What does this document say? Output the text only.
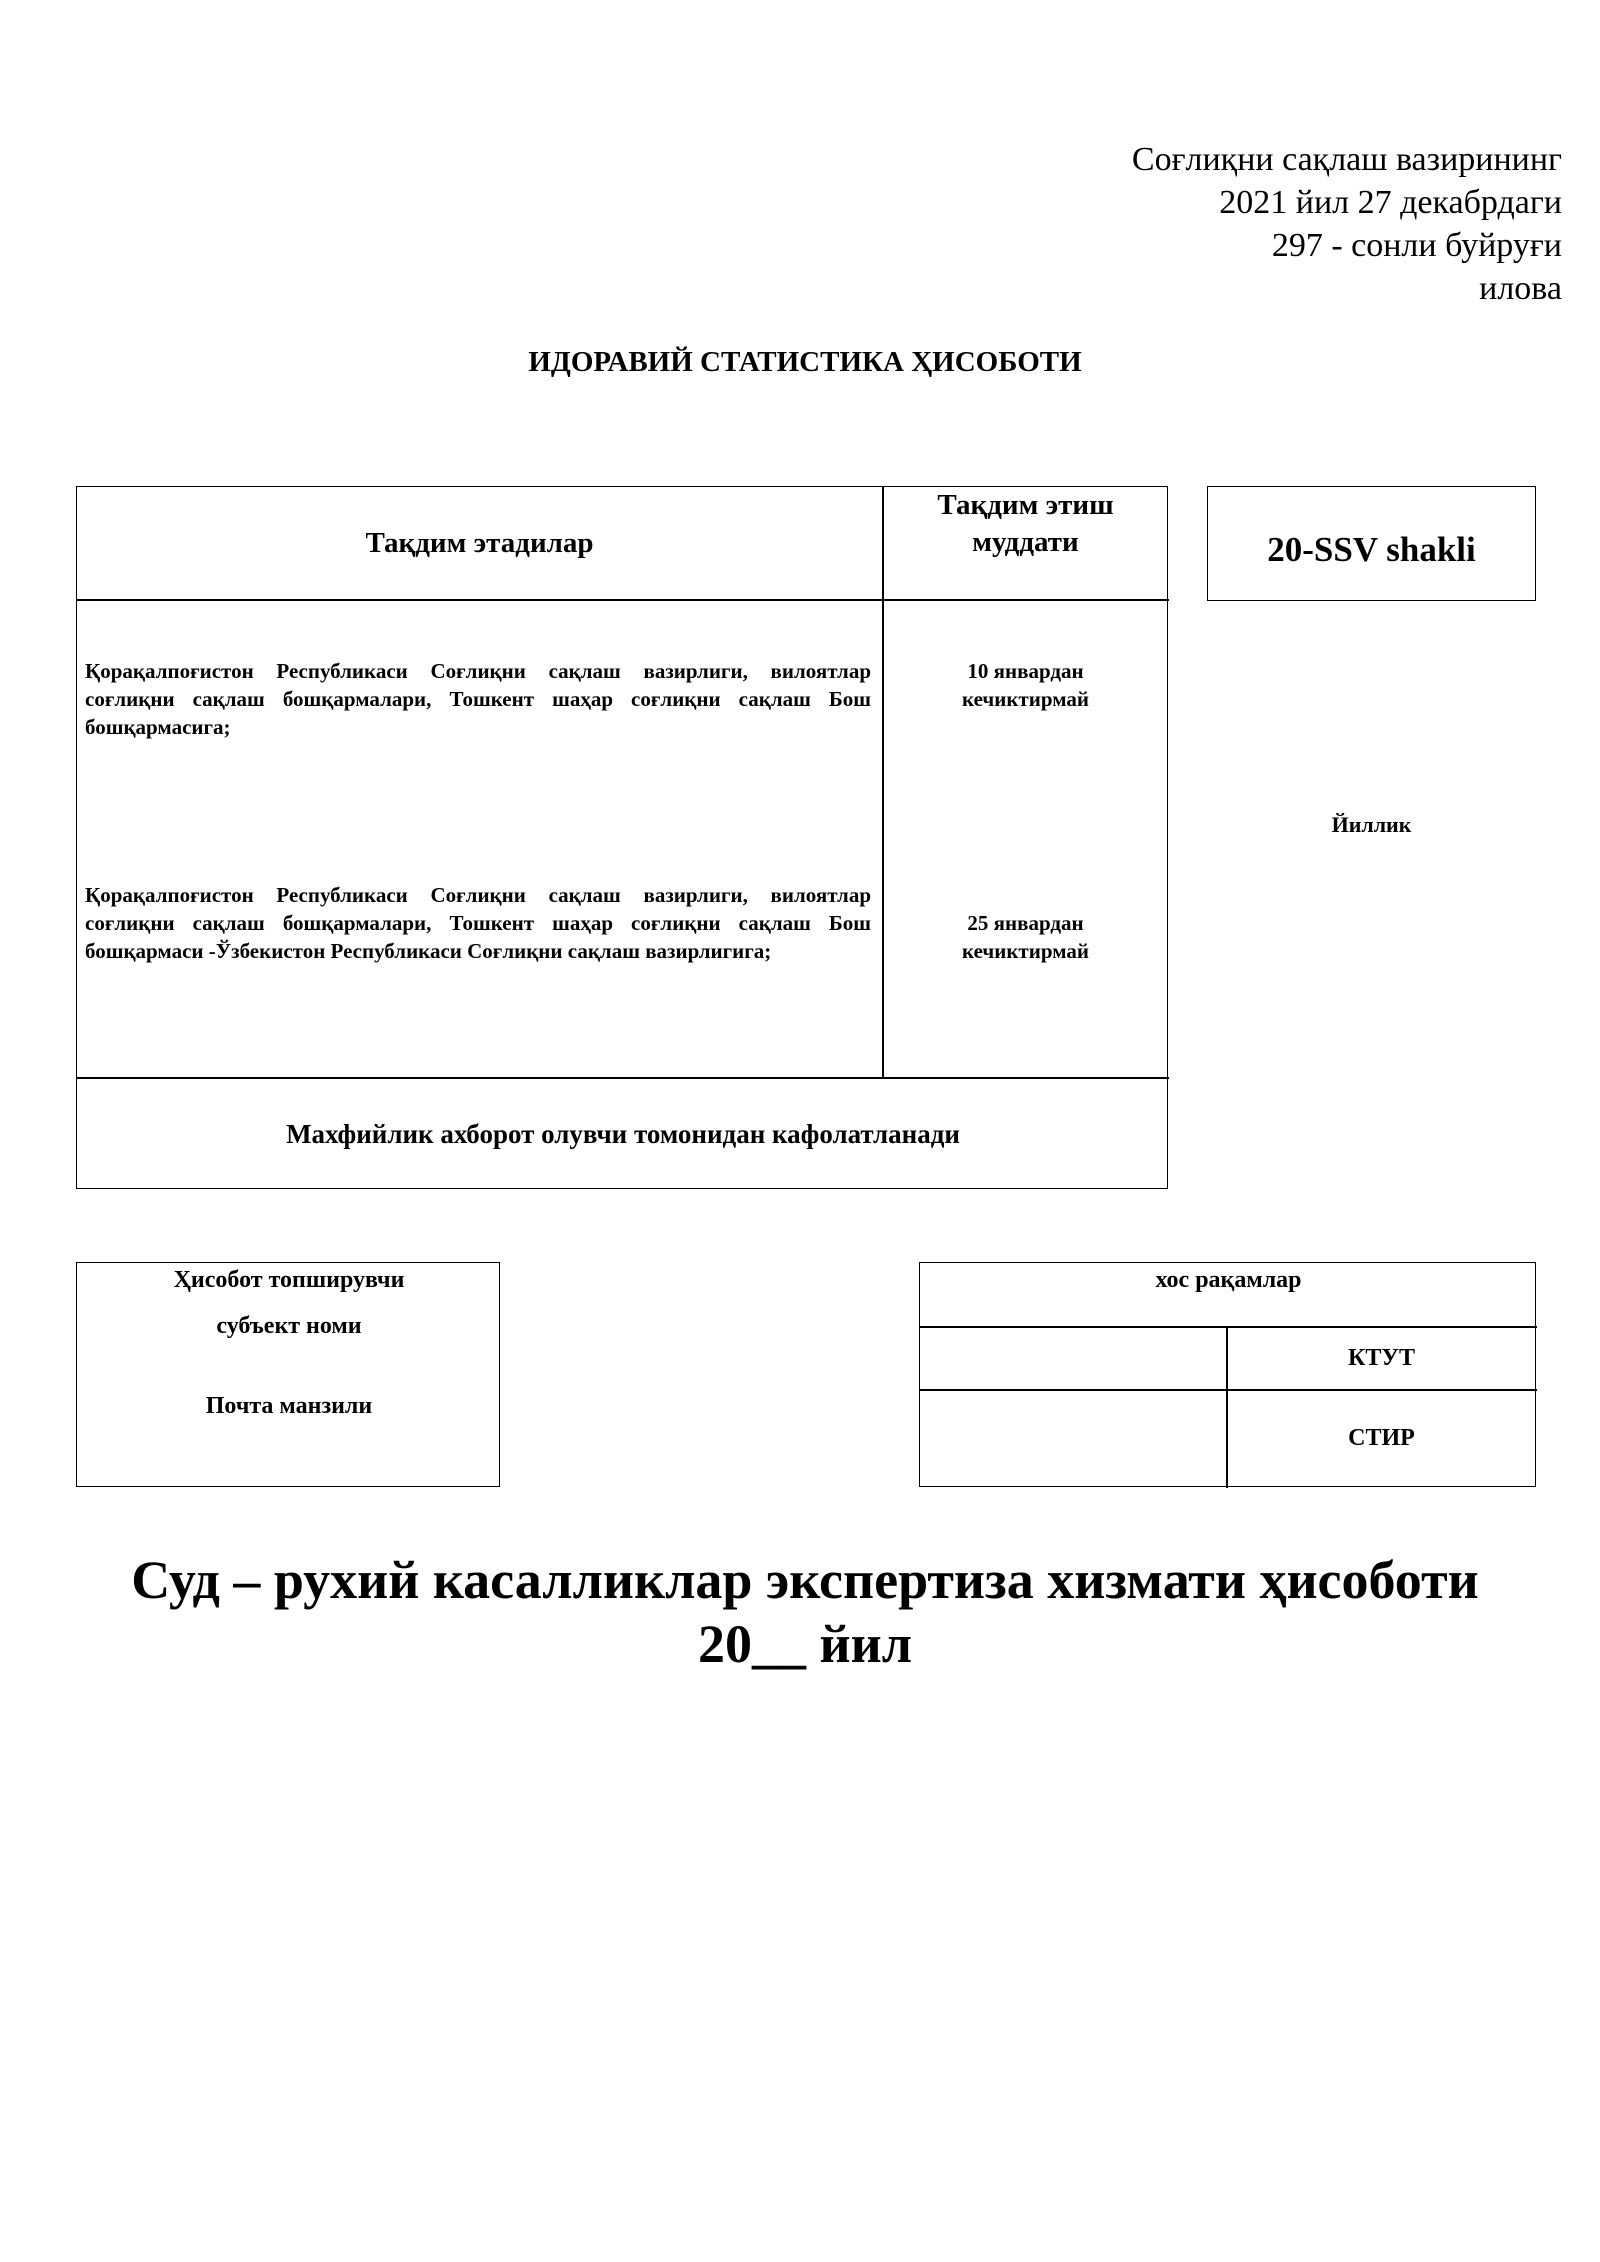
Соғлиқни сақлаш вазирининг
2021 йил 27 декабрдаги
297 - сонли буйруғи
илова
ИДОРАВИЙ СТАТИСТИКА ҲИСОБОТИ
Тақдим этадилар
Тақдим этиш
муддати
Қорақалпоғистон Республикаси Соғлиқни сақлаш вазирлиги, вилоятлар соғлиқни сақлаш бошқармалари, Тошкент шаҳар соғлиқни сақлаш Бош бошқармасига;
10 январдан
кечиктирмай
Қорақалпоғистон Республикаси Соғлиқни сақлаш вазирлиги, вилоятлар соғлиқни сақлаш бошқармалари, Тошкент шаҳар соғлиқни сақлаш Бош бошқармаси -Ўзбекистон Республикаси Соғлиқни сақлаш вазирлигига;
25 январдан
кечиктирмай
Махфийлик ахборот олувчи томонидан кафолатланади
20-SSV shakli
Йиллик
Ҳисобот топширувчи
субъект номи
Почта манзили
хос рақамлар
КТУТ
СТИР
Суд – рухий касалликлар экспертиза хизмати ҳисоботи
20__ йил
